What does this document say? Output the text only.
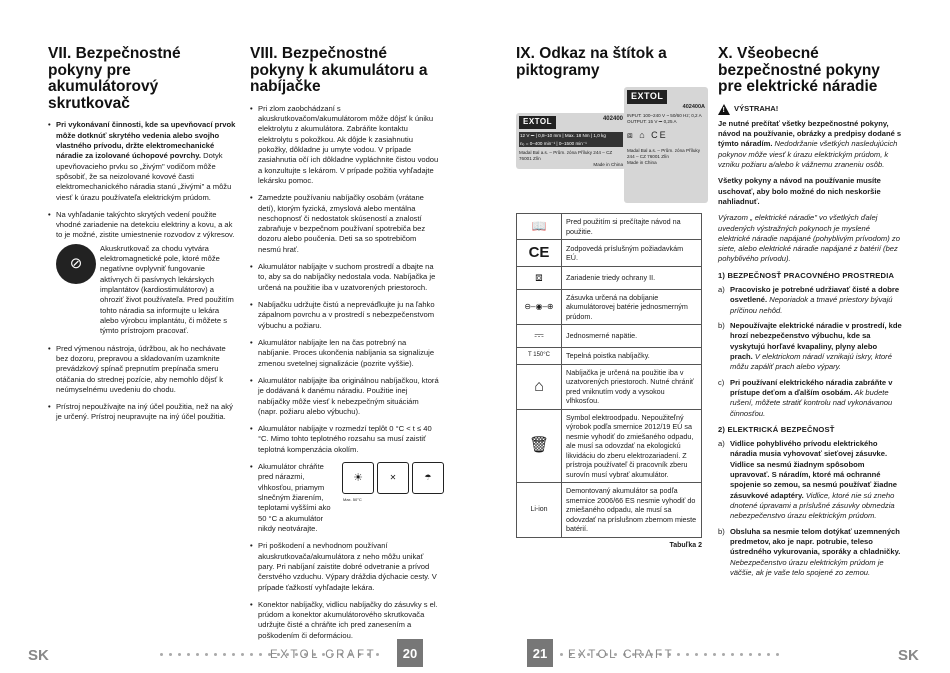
VII. Bezpečnostné pokyny pre akumulátorový skrutkovač
• Pri vykonávaní činnosti, kde sa upevňovací prvok môže dotknúť skrytého vedenia alebo svojho vlastného prívodu, držte elektromechanické náradie za izolované úchopové povrchy. Dotyk upevňovacieho prvku so „živým" vodičom môže spôsobiť, že sa neizolované kovové časti elektromechanického náradia stanú „živými" a môžu viesť k úrazu používateľa elektrickým prúdom.
• Na vyhľadanie takýchto skrytých vedení použite vhodné zariadenie na detekciu elektriny a kovu, a ak to je možné, zistite umiestnenie rozvodov z výkresov.
⊘
Akuskrutkovač za chodu vytvára elektromagnetické pole, ktoré môže negatívne ovplyvniť fungovanie aktívnych či pasívnych lekárskych implantátov (kardiostimulátorov) a ohroziť život používateľa. Pred použitím tohto náradia sa informujte u lekára alebo výrobcu implantátu, či môžete s týmto prístrojom pracovať.
• Pred výmenou nástroja, údržbou, ak ho nechávate bez dozoru, prepravou a skladovaním uzamknite prevádzkový spínač prepnutím prepínača smeru otáčania do strednej pozície, aby nemohlo dôjsť k neúmyselnému uvedeniu do chodu.
• Prístroj nepoužívajte na iný účel použitia, než na aký je určený. Prístroj neupravujte na iný účel použitia.
VIII. Bezpečnostné pokyny k akumulátoru a nabíjačke
• Pri zlom zaobchádzaní s akuskrutkovačom/akumulátorom môže dôjsť k úniku elektrolytu z akumulátora. Zabráňte kontaktu elektrolytu s pokožkou. Ak dôjde k zasiahnutiu pokožky, dôkladne ju umyte vodou. V prípade zasiahnutia očí ich dôkladne vypláchnite čistou vodou a konzultujte s lekárom. V prípade požitia vyhľadajte lekársku pomoc.
• Zamedzte používaniu nabíjačky osobám (vrátane detí), ktorým fyzická, zmyslová alebo mentálna neschopnosť či nedostatok skúseností a znalostí zabraňuje v bezpečnom používaní spotrebiča bez dozoru alebo poučenia. Deti sa so spotrebičom nesmú hrať.
• Akumulátor nabíjajte v suchom prostredí a dbajte na to, aby sa do nabíjačky nedostala voda. Nabíjačka je určená na použitie iba v uzatvorených priestoroch.
• Nabíjačku udržujte čistú a nepreváďkujte ju na ľahko zápalnom povrchu a v prostredí s nebezpečenstvom výbuchu a požiaru.
• Akumulátor nabíjajte len na čas potrebný na nabíjanie. Proces ukončenia nabíjania sa signalizuje zmenou svetelnej signalizácie (pozrite vyššie).
• Akumulátor nabíjajte iba originálnou nabíjačkou, ktorá je dodávaná k danému náradiu. Použitie inej nabíjačky môže viesť k nebezpečným situáciám (napr. požiaru alebo výbuchu).
• Akumulátor nabíjajte v rozmedzí teplôt 0 °C < t ≤ 40 °C. Mimo tohto teplotného rozsahu sa musí zaistiť teplotná kompenzácia okolím.
• Akumulátor chráňte pred nárazmi, vlhkosťou, priamym slnečným žiarením, teplotami vyššími ako 50 °C a akumulátor nikdy neotvárajte.
☀
Max. 50°C
✕	☂
• Pri poškodení a nevhodnom používaní akuskrutkovača/akumulátora z neho môžu unikať pary. Pri nabíjaní zaistite dobré odvetranie a prívod čerstvého vzduchu. Výpary dráždia dýchacie cesty. V prípade ťažkostí vyhľadajte lekára.
• Konektor nabíjačky, vidlicu nabíjačky do zásuvky s el. prúdom a konektor akumulátorového skrutkovača udržujte čisté a chráňte ich pred zanesením a poškodením či deformáciou.
IX. Odkaz na štítok a piktogramy
EXTOL	402400
12 V ⎓ | 0,8–10 mm | Max. 18 Nm | 1,0 kg
n₀ = 0–400 min⁻¹ | 0–1500 min⁻¹
Madal Bal a.s. – Prům. zóna Příluky 244 – CZ 76001 Zlín
Made in China
EXTOL
402400A
INPUT: 100–240 V ~ 50/60 Hz; 0,2 A
OUTPUT: 15 V ⎓ 0,25 A
⧈ ⌂ CE
Madal Bal a.s. – Prům. zóna Příluky 244 – CZ 76001 Zlín
Made in China
📖	Pred použitím si prečítajte návod na použitie.
CE	Zodpovedá príslušným požiadavkám EÚ.
⧈	Zariadenie triedy ochrany II.
⊖–◉–⊕	Zásuvka určená na dobíjanie akumulátorovej batérie jednosmerným prúdom.
⎓	Jednosmerné napätie.
T 150°C	Tepelná poistka nabíjačky.
⌂	Nabíjačka je určená na použitie iba v uzatvorených priestoroch. Nutné chrániť pred vniknutím vody a vysokou vlhkosťou.
🗑	Symbol elektroodpadu. Nepoužiteľný výrobok podľa smernice 2012/19 EÚ sa nesmie vyhodiť do zmiešaného odpadu, ale musí sa odovzdať na ekologickú likvidáciu do zberu elektrozariadení. Z prístroja používateľ či pracovník zberu surovín musí vybrať akumulátor.
Li-ion	Demontovaný akumulátor sa podľa smernice 2006/66 ES nesmie vyhodiť do zmiešaného odpadu, ale musí sa odovzdať na príslušnom zbernom mieste batérií.
Tabuľka 2
X. Všeobecné bezpečnostné pokyny pre elektrické náradie
!
VÝSTRAHA!

Je nutné prečítať všetky bezpečnostné pokyny, návod na používanie, obrázky a predpisy dodané s týmto náradím. Nedodržanie všetkých nasledujúcich pokynov môže viesť k úrazu elektrickým prúdom, k vzniku požiaru a/alebo k vážnemu zraneniu osôb.

Všetky pokyny a návod na používanie musíte uschovať, aby bolo možné do nich neskoršie nahliadnuť.

Výrazom „ elektrické náradie" vo všetkých ďalej uvedených výstražných pokynoch je myslené elektrické náradie napájané (pohyblivým prívodom) zo siete, alebo elektrické náradie napájané z batérií (bez pohyblivého prívodu).

1) BEZPEČNOSŤ PRACOVNÉHO PROSTREDIA
a) Pracovisko je potrebné udržiavať čisté a dobre osvetlené. Neporiadok a tmavé priestory bývajú príčinou nehôd.
b) Nepoužívajte elektrické náradie v prostredí, kde hrozí nebezpečenstvo výbuchu, kde sa vyskytujú horľavé kvapaliny, plyny alebo prach. V elektrickom náradí vznikajú iskry, ktoré môžu zapáliť prach alebo výpary.
c) Pri používaní elektrického náradia zabráňte v prístupe deťom a ďalším osobám. Ak budete rušení, môžete stratiť kontrolu nad vykonávanou činnosťou.
2) ELEKTRICKÁ BEZPEČNOSŤ
a) Vidlice pohyblivého prívodu elektrického náradia musia vyhovovať sieťovej zásuvke. Vidlice sa nesmú žiadnym spôsobom upravovať. S náradím, ktoré má ochranné spojenie so zemou, sa nesmú používať žiadne zásuvkové adaptéry. Vidlice, ktoré nie sú zneho dnotené úpravami a príslušné zásuvky obmedzia nebezpečenstvo úrazu elektrickým prúdom.
b) Obsluha sa nesmie telom dotýkať uzemnených predmetov, ako je napr. potrubie, teleso ústredného vykurovania, sporáky a chladničky. Nebezpečenstvo úrazu elektrickým prúdom je väčšie, ak je vaše telo spojené zo zemou.
SK	EXTOL CRAFT	20	21	EXTOL CRAFT	SK
